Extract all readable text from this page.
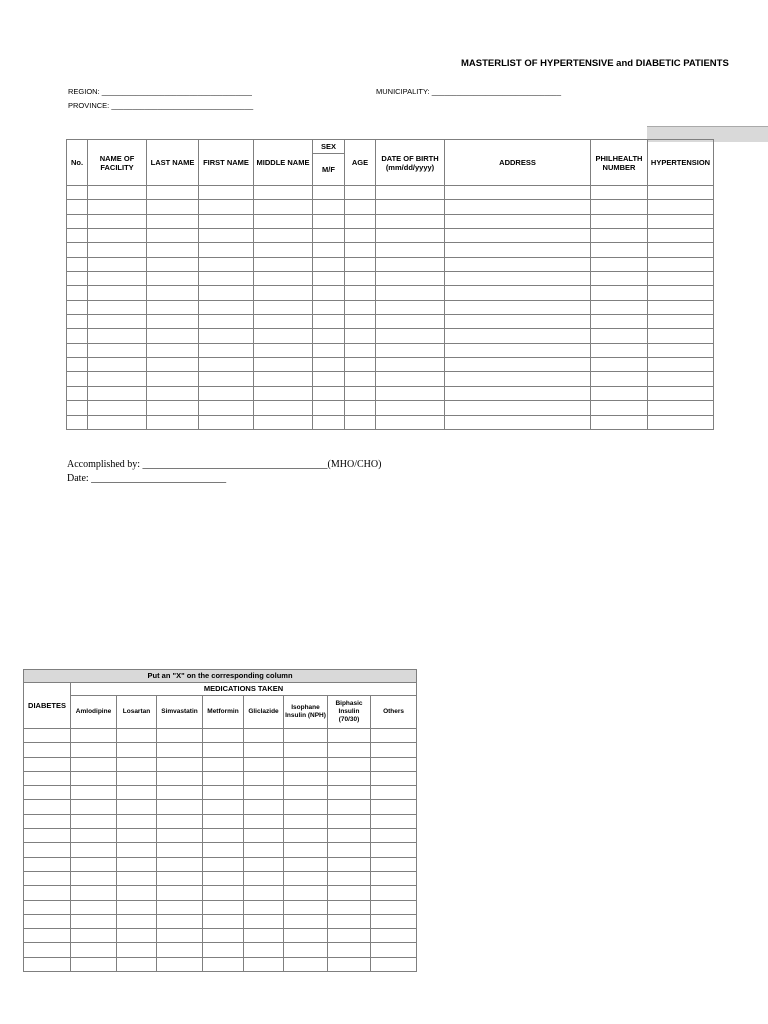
MASTERLIST OF HYPERTENSIVE and DIABETIC PATIENTS
REGION: ____________________________________
PROVINCE: __________________________________
MUNICIPALITY: _______________________________
No.	NAME OF FACILITY	LAST NAME	FIRST NAME	MIDDLE NAME	SEX	AGE	DATE OF BIRTH (mm/dd/yyyy)	ADDRESS	PHILHEALTH NUMBER	HYPERTENSION
					M/F					

Accomplished by: _____________________________________(MHO/CHO)
Date: ___________________________
Put an "X" on the corresponding column								
DIABETES	MEDICATIONS TAKEN							
	Amlodipine	Losartan	Simvastatin	Metformin	Gliclazide	Isophane Insulin (NPH)	Biphasic Insulin (70/30)	Others
